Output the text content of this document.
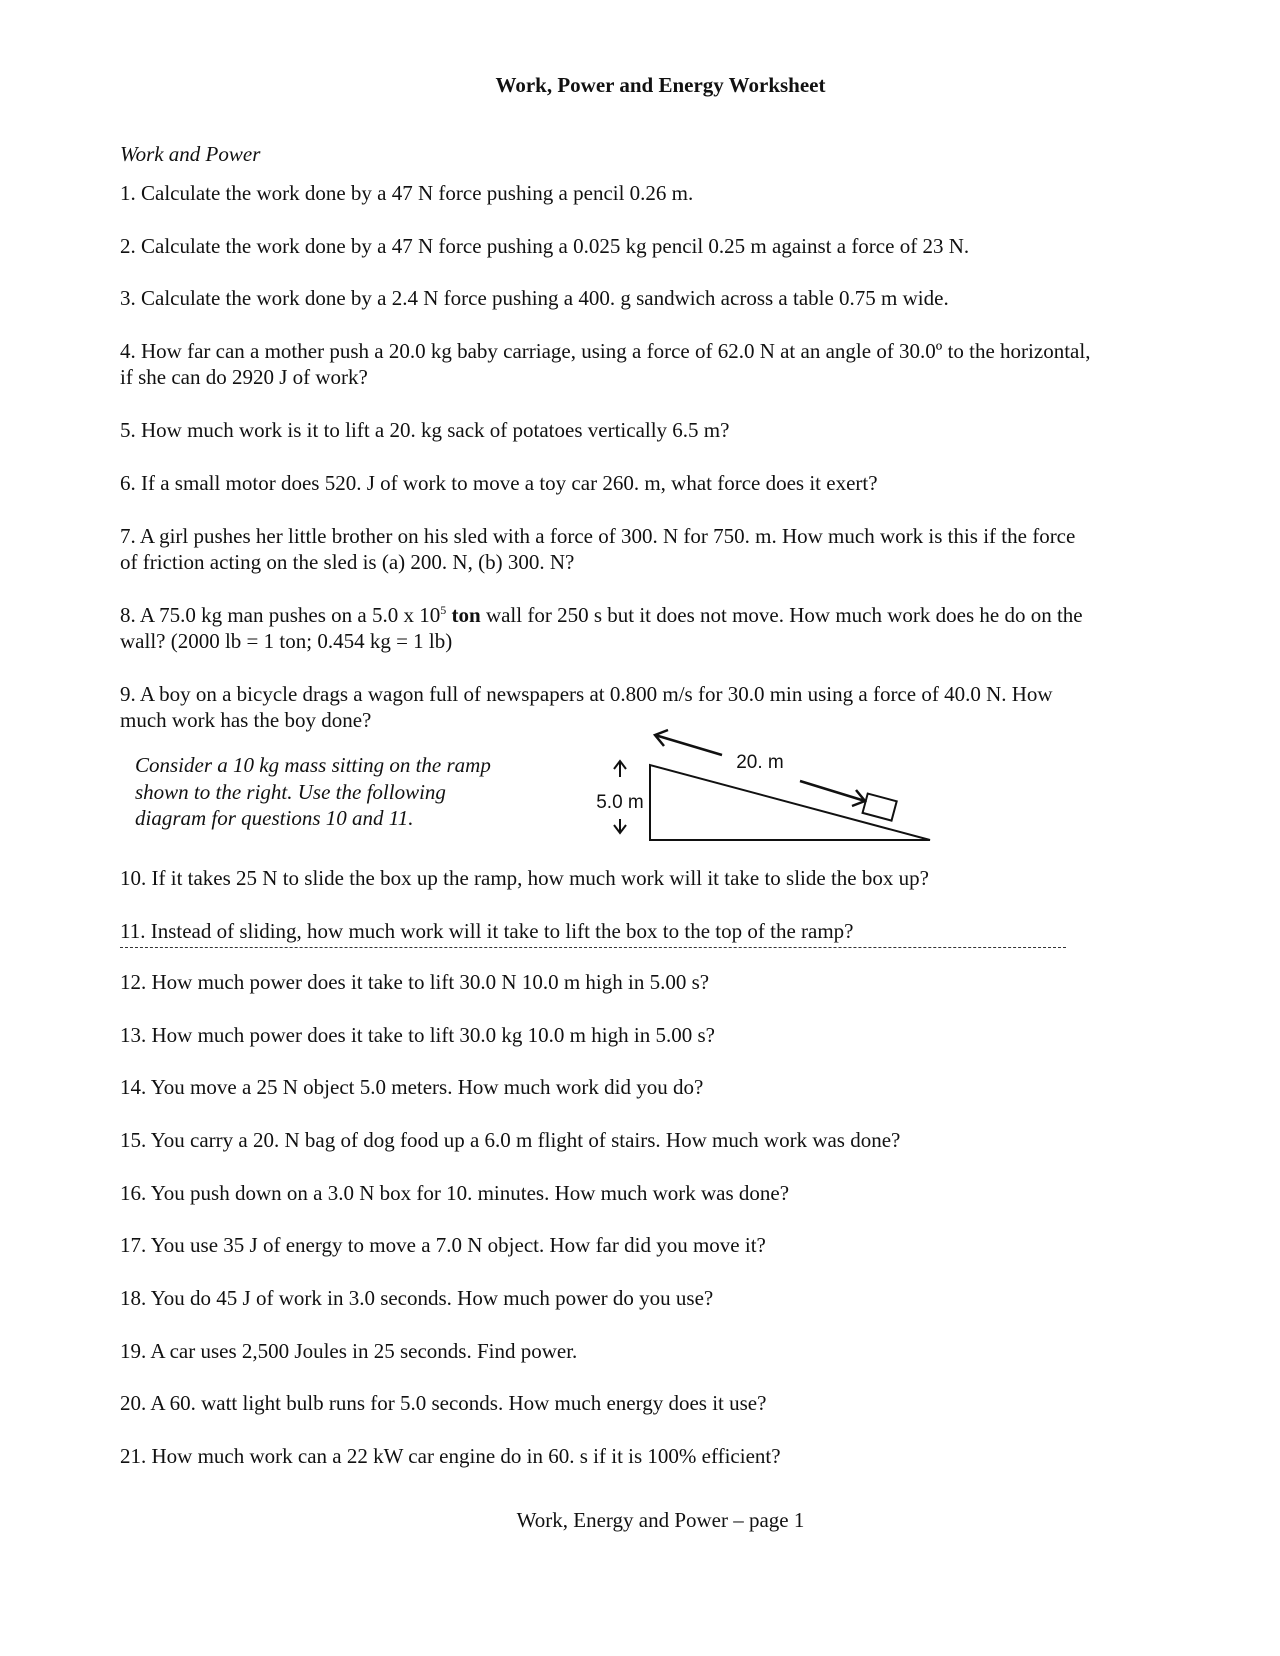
Work, Power and Energy Worksheet
Work and Power
1. Calculate the work done by a 47 N force pushing a pencil 0.26 m.
2. Calculate the work done by a 47 N force pushing a 0.025 kg pencil 0.25 m against a force of 23 N.
3. Calculate the work done by a 2.4 N force pushing a 400. g sandwich across a table 0.75 m wide.
4. How far can a mother push a 20.0 kg baby carriage, using a force of 62.0 N at an angle of 30.0º to the horizontal,
if she can do 2920 J of work?
5. How much work is it to lift a 20. kg sack of potatoes vertically 6.5 m?
6. If a small motor does 520. J of work to move a toy car 260. m, what force does it exert?
7. A girl pushes her little brother on his sled with a force of 300. N for 750. m. How much work is this if the force
of friction acting on the sled is (a) 200. N, (b) 300. N?
8. A 75.0 kg man pushes on a 5.0 x $10^5$ ton wall for 250 s but it does not move. How much work does he do on the
wall? (2000 lb = 1 ton; 0.454 kg = 1 lb)
9. A boy on a bicycle drags a wagon full of newspapers at 0.800 m/s for 30.0 min using a force of 40.0 N. How
much work has the boy done?
Consider a 10 kg mass sitting on the ramp
shown to the right. Use the following
diagram for questions 10 and 11.
5.0 m
20. m
10. If it takes 25 N to slide the box up the ramp, how much work will it take to slide the box up?
11. Instead of sliding, how much work will it take to lift the box to the top of the ramp?
12. How much power does it take to lift 30.0 N 10.0 m high in 5.00 s?
13. How much power does it take to lift 30.0 kg 10.0 m high in 5.00 s?
14. You move a 25 N object 5.0 meters. How much work did you do?
15. You carry a 20. N bag of dog food up a 6.0 m flight of stairs. How much work was done?
16. You push down on a 3.0 N box for 10. minutes. How much work was done?
17. You use 35 J of energy to move a 7.0 N object. How far did you move it?
18. You do 45 J of work in 3.0 seconds. How much power do you use?
19. A car uses 2,500 Joules in 25 seconds. Find power.
20. A 60. watt light bulb runs for 5.0 seconds. How much energy does it use?
21. How much work can a 22 kW car engine do in 60. s if it is 100% efficient?
Work, Energy and Power – page 1
